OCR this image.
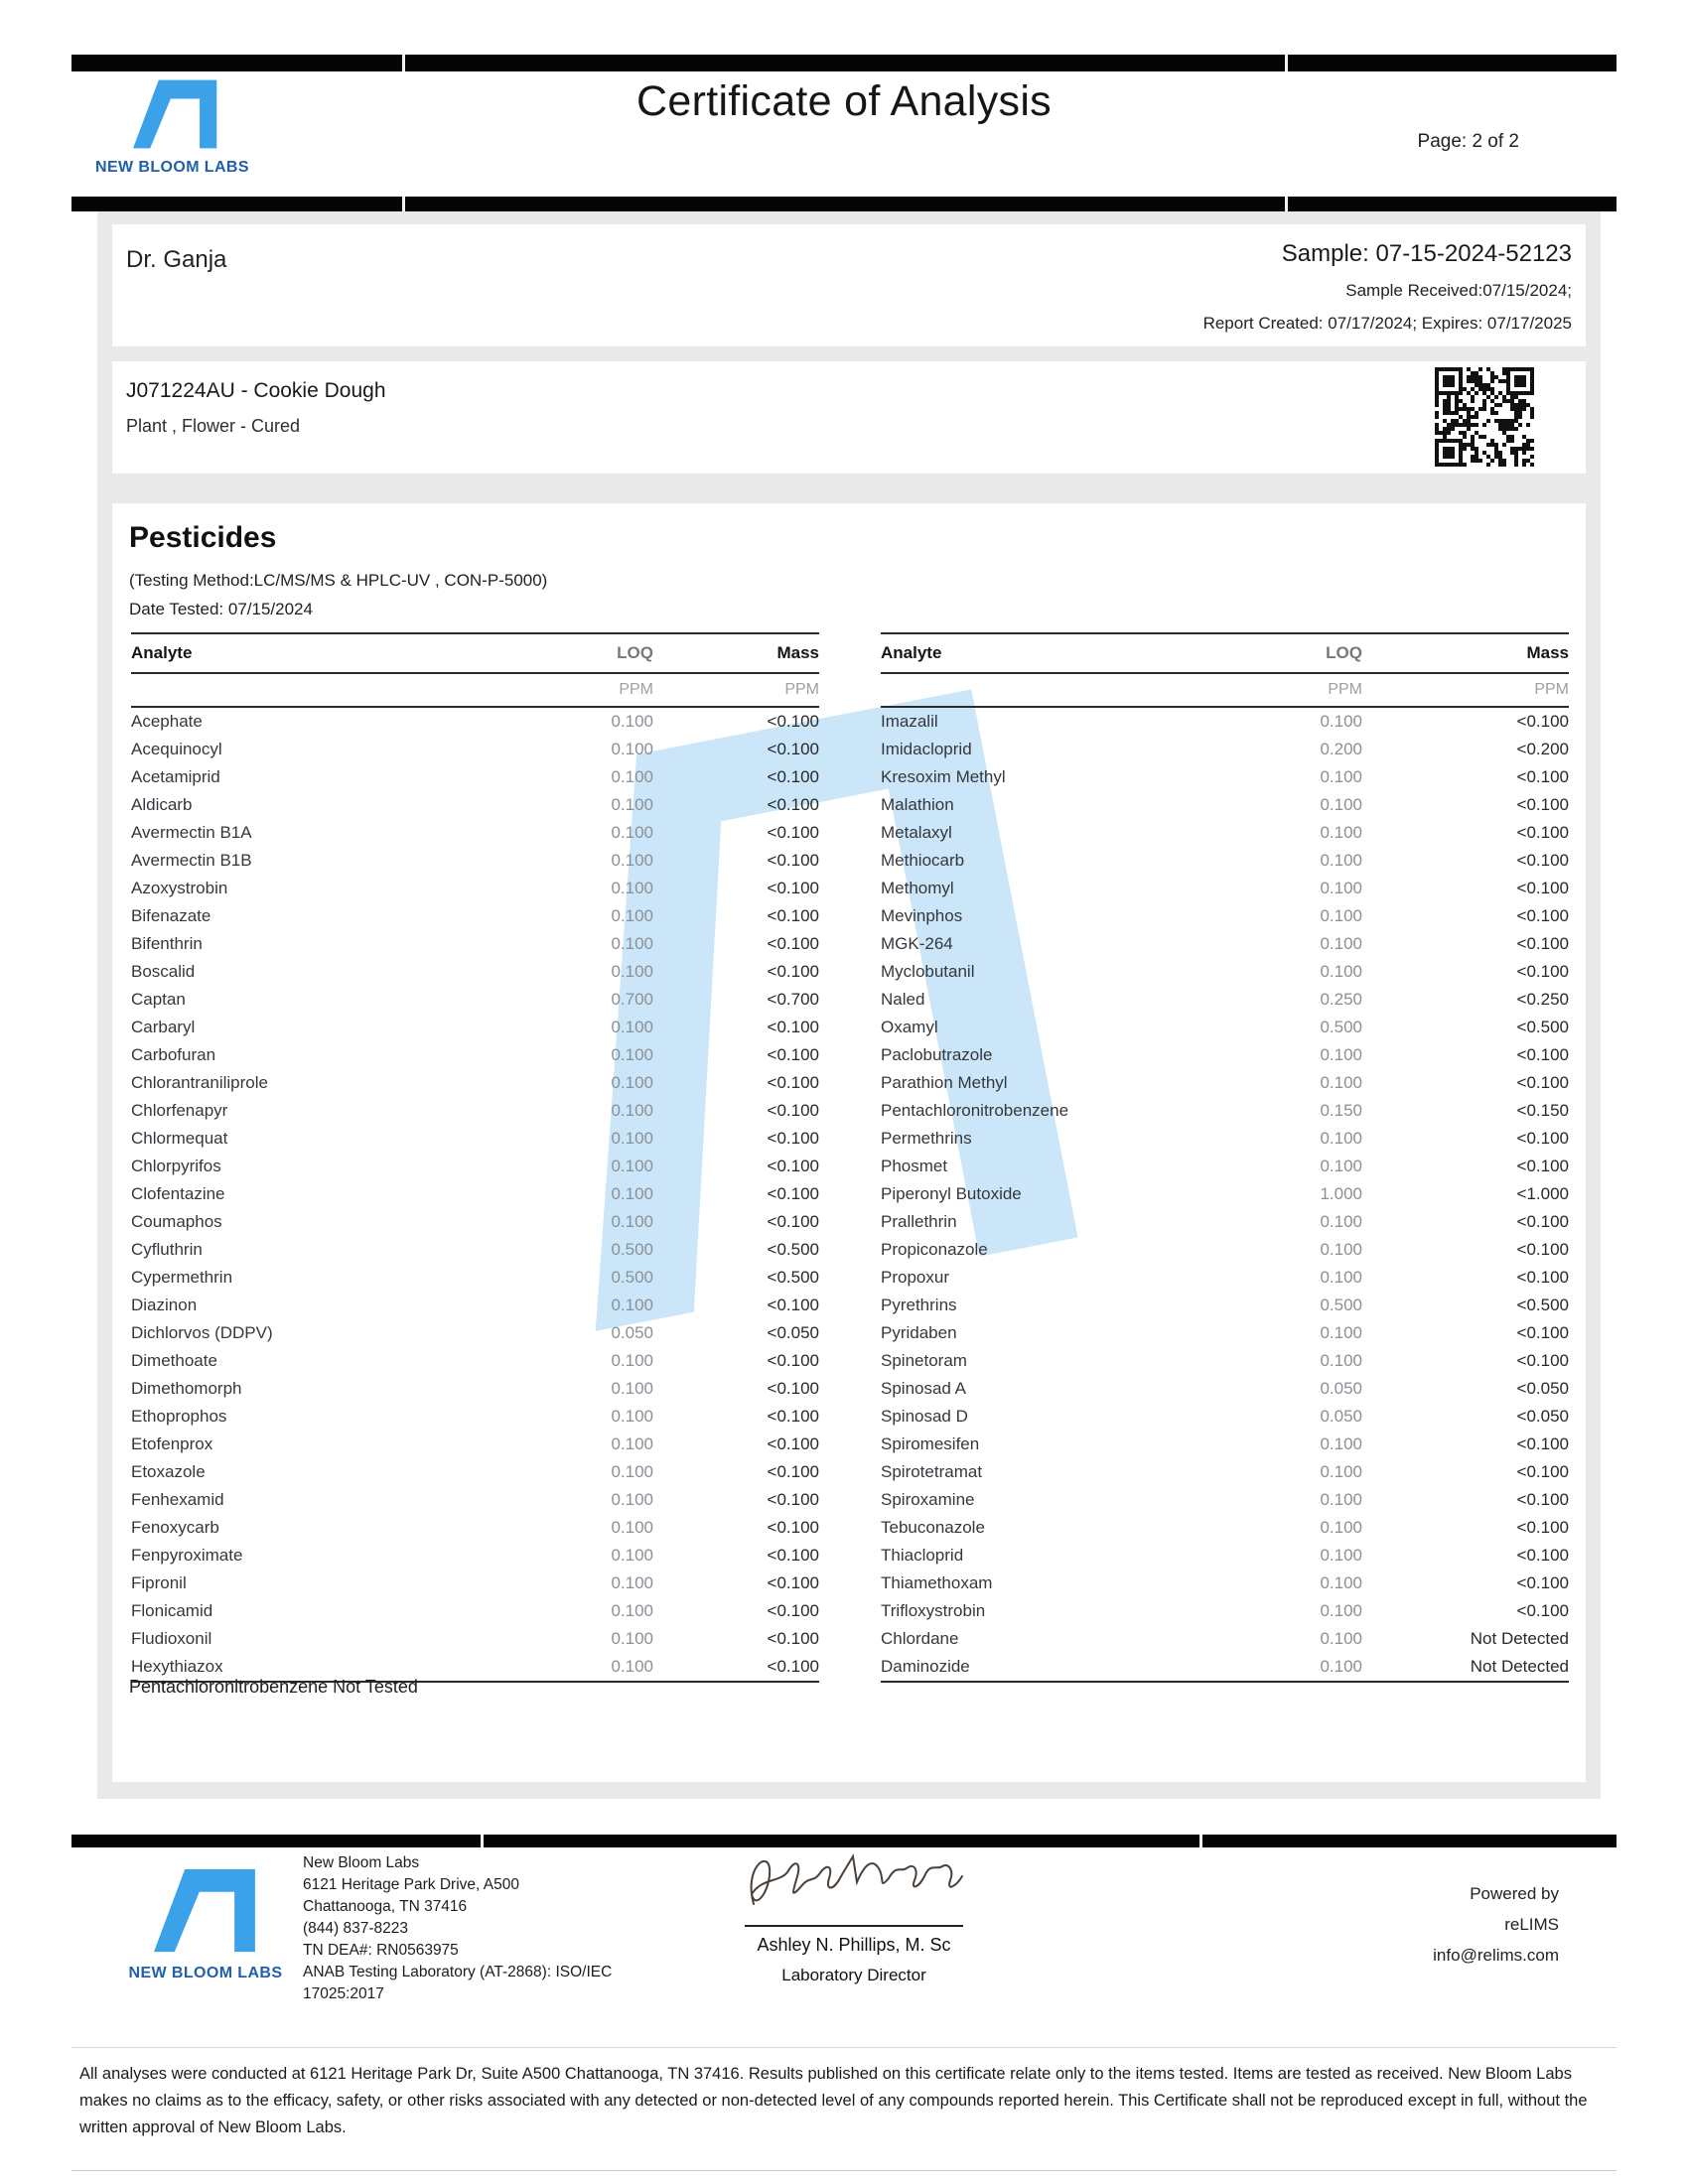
NEW BLOOM LABS
Certificate of Analysis
Page: 2 of 2
Dr. Ganja	Sample: 07-15-2024-52123
Sample Received:07/15/2024;
Report Created: 07/17/2024; Expires: 07/17/2025
J071224AU - Cookie Dough
Plant , Flower - Cured
Pesticides
(Testing Method:LC/MS/MS & HPLC-UV , CON-P-5000)
Date Tested: 07/15/2024
Analyte	LOQ	Mass
	PPM	PPM
Acephate	0.100	<0.100
Acequinocyl	0.100	<0.100
Acetamiprid	0.100	<0.100
Aldicarb	0.100	<0.100
Avermectin B1A	0.100	<0.100
Avermectin B1B	0.100	<0.100
Azoxystrobin	0.100	<0.100
Bifenazate	0.100	<0.100
Bifenthrin	0.100	<0.100
Boscalid	0.100	<0.100
Captan	0.700	<0.700
Carbaryl	0.100	<0.100
Carbofuran	0.100	<0.100
Chlorantraniliprole	0.100	<0.100
Chlorfenapyr	0.100	<0.100
Chlormequat	0.100	<0.100
Chlorpyrifos	0.100	<0.100
Clofentazine	0.100	<0.100
Coumaphos	0.100	<0.100
Cyfluthrin	0.500	<0.500
Cypermethrin	0.500	<0.500
Diazinon	0.100	<0.100
Dichlorvos (DDPV)	0.050	<0.050
Dimethoate	0.100	<0.100
Dimethomorph	0.100	<0.100
Ethoprophos	0.100	<0.100
Etofenprox	0.100	<0.100
Etoxazole	0.100	<0.100
Fenhexamid	0.100	<0.100
Fenoxycarb	0.100	<0.100
Fenpyroximate	0.100	<0.100
Fipronil	0.100	<0.100
Flonicamid	0.100	<0.100
Fludioxonil	0.100	<0.100
Hexythiazox	0.100	<0.100
Analyte	LOQ	Mass
	PPM	PPM
Imazalil	0.100	<0.100
Imidacloprid	0.200	<0.200
Kresoxim Methyl	0.100	<0.100
Malathion	0.100	<0.100
Metalaxyl	0.100	<0.100
Methiocarb	0.100	<0.100
Methomyl	0.100	<0.100
Mevinphos	0.100	<0.100
MGK-264	0.100	<0.100
Myclobutanil	0.100	<0.100
Naled	0.250	<0.250
Oxamyl	0.500	<0.500
Paclobutrazole	0.100	<0.100
Parathion Methyl	0.100	<0.100
Pentachloronitrobenzene	0.150	<0.150
Permethrins	0.100	<0.100
Phosmet	0.100	<0.100
Piperonyl Butoxide	1.000	<1.000
Prallethrin	0.100	<0.100
Propiconazole	0.100	<0.100
Propoxur	0.100	<0.100
Pyrethrins	0.500	<0.500
Pyridaben	0.100	<0.100
Spinetoram	0.100	<0.100
Spinosad A	0.050	<0.050
Spinosad D	0.050	<0.050
Spiromesifen	0.100	<0.100
Spirotetramat	0.100	<0.100
Spiroxamine	0.100	<0.100
Tebuconazole	0.100	<0.100
Thiacloprid	0.100	<0.100
Thiamethoxam	0.100	<0.100
Trifloxystrobin	0.100	<0.100
Chlordane	0.100	Not Detected
Daminozide	0.100	Not Detected
Pentachloronitrobenzene Not Tested
NEW BLOOM LABS
New Bloom Labs
6121 Heritage Park Drive, A500
Chattanooga, TN 37416
(844) 837-8223
TN DEA#: RN0563975
ANAB Testing Laboratory (AT-2868): ISO/IEC
17025:2017
Ashley N. Phillips, M. Sc
Laboratory Director
Powered by
reLIMS
info@relims.com
All analyses were conducted at 6121 Heritage Park Dr, Suite A500 Chattanooga, TN 37416. Results published on this certificate relate only to the items tested. Items are tested as received. New Bloom Labs makes no claims as to the efficacy, safety, or other risks associated with any detected or non-detected level of any compounds reported herein. This Certificate shall not be reproduced except in full, without the written approval of New Bloom Labs.
